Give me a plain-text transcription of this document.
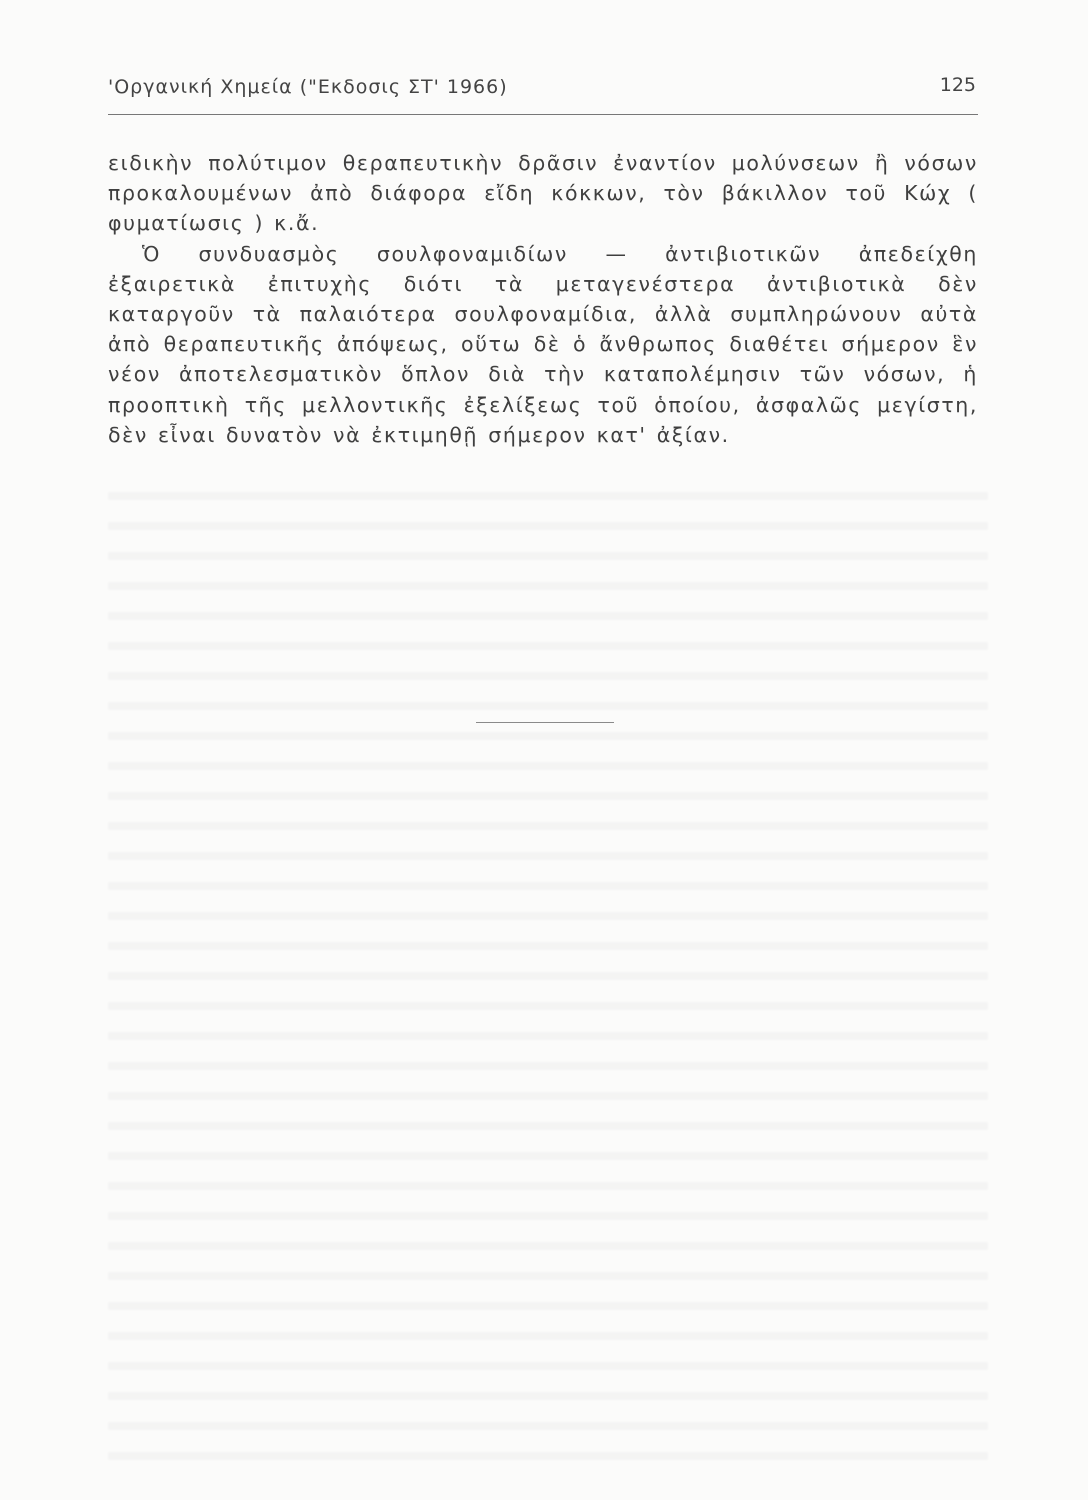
'Οργανική Χημεία ("Εκδοσις ΣΤ' 1966)	125

ειδικὴν πολύτιμον θεραπευτικὴν δρᾶσιν ἐναντίον μολύνσεων ἢ νόσων προκαλουμένων ἀπὸ διάφορα εἴδη κόκκων, τὸν βάκιλλον τοῦ Κώχ ( φυματίωσις ) κ.ἄ.

Ὁ συνδυασμὸς σουλφοναμιδίων — ἀντιβιοτικῶν ἀπεδείχθη ἐξαιρετικὰ ἐπιτυχὴς διότι τὰ μεταγενέστερα ἀντιβιοτικὰ δὲν καταργοῦν τὰ παλαιότερα σουλφοναμίδια, ἀλλὰ συμπληρώνουν αὐτὰ ἀπὸ θεραπευτικῆς ἀπόψεως, οὕτω δὲ ὁ ἄνθρωπος διαθέτει σήμερον ἓν νέον ἀποτελεσματικὸν ὅπλον διὰ τὴν καταπολέμησιν τῶν νόσων, ἡ προοπτικὴ τῆς μελλοντικῆς ἐξελίξεως τοῦ ὁποίου, ἀσφαλῶς μεγίστη, δὲν εἶναι δυνατὸν νὰ ἐκτιμηθῇ σήμερον κατ' ἀξίαν.
